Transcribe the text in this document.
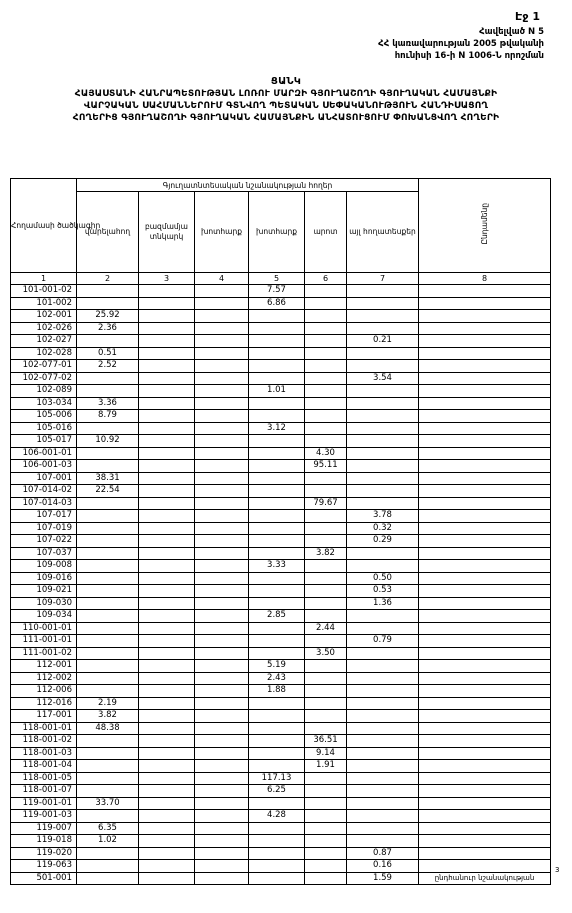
Էջ 1
Հավելված N 5
ՀՀ կառավարության 2005 թվականի
հունիսի 16-ի N 1006-Ն որոշման
ՑԱՆԿ
ՀԱՅԱՍՏԱՆԻ ՀԱՆՐԱՊԵՏՈՒԹՅԱՆ ԼՈՌՈՒ ՄԱՐԶԻ ԳՅՈՒՂԱՇՈՂԻ ԳՅՈՒՂԱԿԱՆ ՀԱՄԱՅՆՔԻ
ՎԱՐՉԱԿԱՆ ՍԱՀՄԱՆՆԵՐՈՒՄ ԳՏՆՎՈՂ ՊԵՏԱԿԱՆ ՍԵՓԱԿԱՆՈՒԹՅՈՒՆ ՀԱՆԴԻՍԱՑՈՂ
ՀՈՂԵՐԻՑ ԳՅՈՒՂԱՇՈՂԻ ԳՅՈՒՂԱԿԱՆ ՀԱՄԱՅՆՔԻՆ ԱՆՀԱՏՈՒՑՈՒՄ ՓՈԽԱՆՑՎՈՂ ՀՈՂԵՐԻ
Հողամասի ծածկագիր	Գյուղատնտեսական նշանակության հողեր						Ընդամենը
	վարելահող	բազմամյա տնկարկ	խոտհարք	խոտհարք	արոտ	այլ հողատեսքեր	
1	2	3	4	5	6	7	8
101-001-02				7.57			
101-002				6.86			
102-001	25.92						
102-026	2.36						
102-027						0.21	
102-028	0.51						
102-077-01	2.52						
102-077-02						3.54	
102-089				1.01			
103-034	3.36						
105-006	8.79						
105-016				3.12			
105-017	10.92						
106-001-01					4.30		
106-001-03					95.11		
107-001	38.31						
107-014-02	22.54						
107-014-03					79.67		
107-017						3.78	
107-019						0.32	
107-022						0.29	
107-037					3.82		
109-008				3.33			
109-016						0.50	
109-021						0.53	
109-030						1.36	
109-034				2.85			
110-001-01					2.44		
111-001-01						0.79	
111-001-02					3.50		
112-001				5.19			
112-002				2.43			
112-006				1.88			
112-016	2.19						
117-001	3.82						
118-001-01	48.38						
118-001-02					36.51		
118-001-03					9.14		
118-001-04					1.91		
118-001-05				117.13			
118-001-07				6.25			
119-001-01	33.70						
119-001-03				4.28			
119-007	6.35						
119-018	1.02						
119-020						0.87	
119-063						0.16	
501-001						1.59	ընդհանուր նշանակության
3
